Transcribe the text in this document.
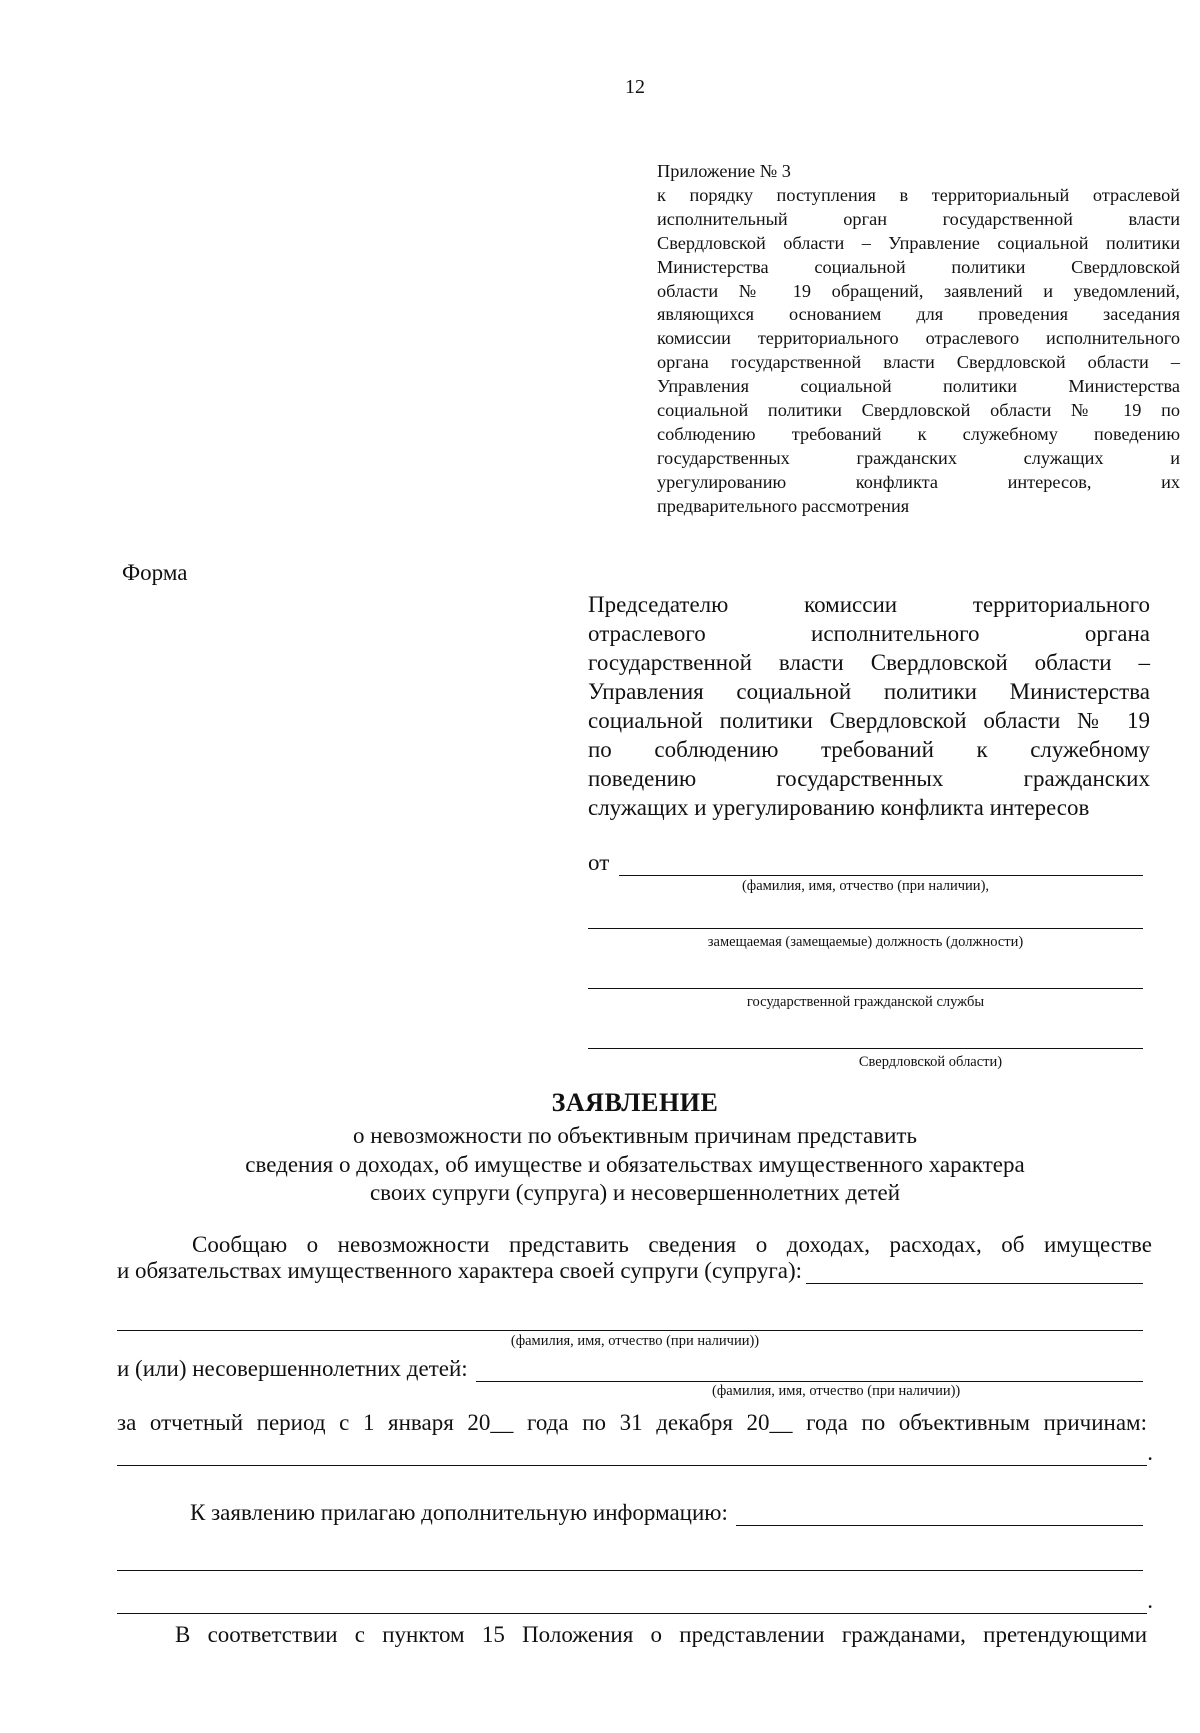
12
Приложение № 3
к порядку поступления в территориальный отраслевой
исполнительный орган государственной власти
Свердловской области – Управление социальной политики
Министерства социальной политики Свердловской
области № 19 обращений, заявлений и уведомлений,
являющихся основанием для проведения заседания
комиссии территориального отраслевого исполнительного
органа государственной власти Свердловской области –
Управления социальной политики Министерства
социальной политики Свердловской области № 19 по
соблюдению требований к служебному поведению
государственных гражданских служащих и
урегулированию конфликта интересов, их
предварительного рассмотрения
Форма
Председателю комиссии территориального
отраслевого исполнительного органа
государственной власти Свердловской области –
Управления социальной политики Министерства
социальной политики Свердловской области № 19
по соблюдению требований к служебному
поведению государственных гражданских
служащих и урегулированию конфликта интересов
от
(фамилия, имя, отчество (при наличии),
замещаемая (замещаемые) должность (должности)
государственной гражданской службы
Свердловской области)
ЗАЯВЛЕНИЕ
о невозможности по объективным причинам представить
сведения о доходах, об имуществе и обязательствах имущественного характера
своих супруги (супруга) и несовершеннолетних детей
Сообщаю о невозможности представить сведения о доходах, расходах, об имуществе
и обязательствах имущественного характера своей супруги (супруга):
(фамилия, имя, отчество (при наличии))
и (или) несовершеннолетних детей:
(фамилия, имя, отчество (при наличии))
за отчетный период с 1 января 20__ года по 31 декабря 20__ года по объективным причинам:
.
К заявлению прилагаю дополнительную информацию:
.
В соответствии с пунктом 15 Положения о представлении гражданами, претендующими
